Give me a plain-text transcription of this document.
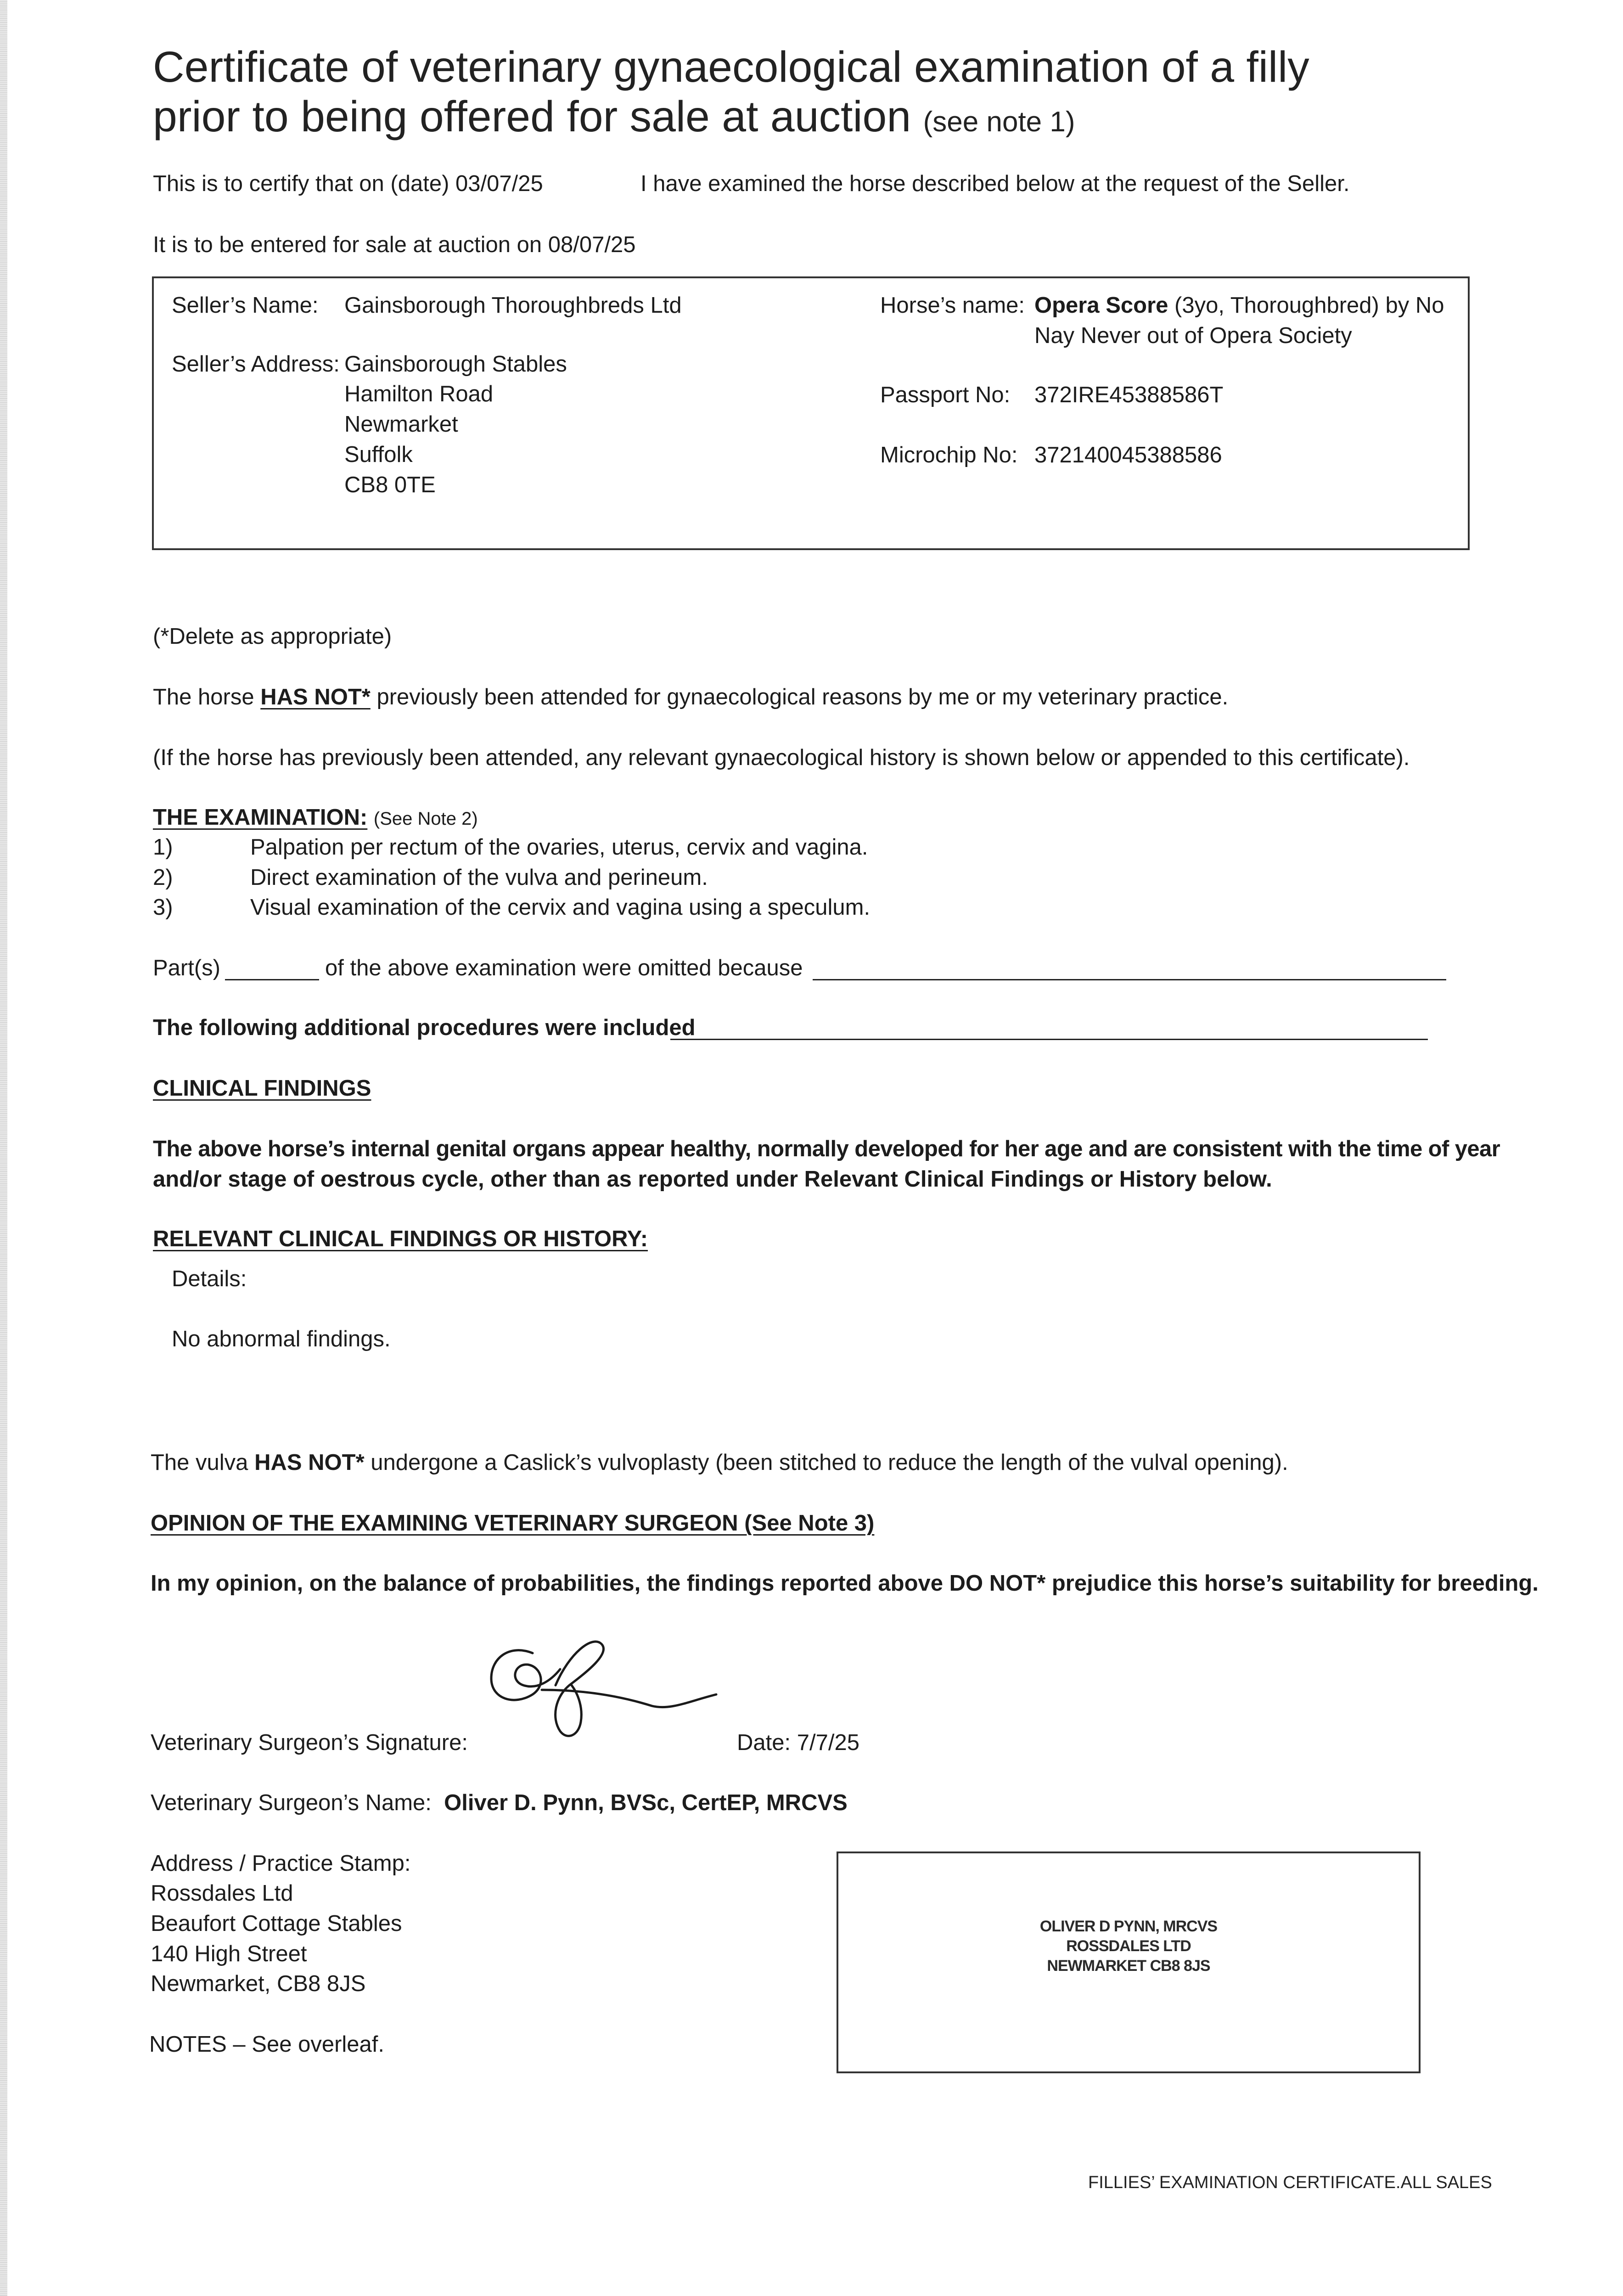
Certificate of veterinary gynaecological examination of a filly
prior to being offered for sale at auction (see note 1)
This is to certify that on (date) 03/07/25	I have examined the horse described below at the request of the Seller.
It is to be entered for sale at auction on 08/07/25
Seller’s Name: Gainsborough Thoroughbreds Ltd
Seller’s Address: Gainsborough Stables
Hamilton Road
Newmarket
Suffolk
CB8 0TE
Horse’s name: Opera Score (3yo, Thoroughbred) by No
Nay Never out of Opera Society
Passport No: 372IRE45388586T
Microchip No: 372140045388586
(*Delete as appropriate)
The horse HAS NOT* previously been attended for gynaecological reasons by me or my veterinary practice.
(If the horse has previously been attended, any relevant gynaecological history is shown below or appended to this certificate).
THE EXAMINATION: (See Note 2)
1)	Palpation per rectum of the ovaries, uterus, cervix and vagina.
2)	Direct examination of the vulva and perineum.
3)	Visual examination of the cervix and vagina using a speculum.
Part(s)	of the above examination were omitted because
The following additional procedures were included
CLINICAL FINDINGS
The above horse’s internal genital organs appear healthy, normally developed for her age and are consistent with the time of year
and/or stage of oestrous cycle, other than as reported under Relevant Clinical Findings or History below.
RELEVANT CLINICAL FINDINGS OR HISTORY:
Details:
No abnormal findings.
The vulva HAS NOT* undergone a Caslick’s vulvoplasty (been stitched to reduce the length of the vulval opening).
OPINION OF THE EXAMINING VETERINARY SURGEON (See Note 3)
In my opinion, on the balance of probabilities, the findings reported above DO NOT* prejudice this horse’s suitability for breeding.
Veterinary Surgeon’s Signature:	Date: 7/7/25
Veterinary Surgeon’s Name: Oliver D. Pynn, BVSc, CertEP, MRCVS
Address / Practice Stamp:
Rossdales Ltd
Beaufort Cottage Stables
140 High Street
Newmarket, CB8 8JS
NOTES – See overleaf.
OLIVER D PYNN, MRCVS
ROSSDALES LTD
NEWMARKET CB8 8JS
FILLIES’ EXAMINATION CERTIFICATE.ALL SALES
